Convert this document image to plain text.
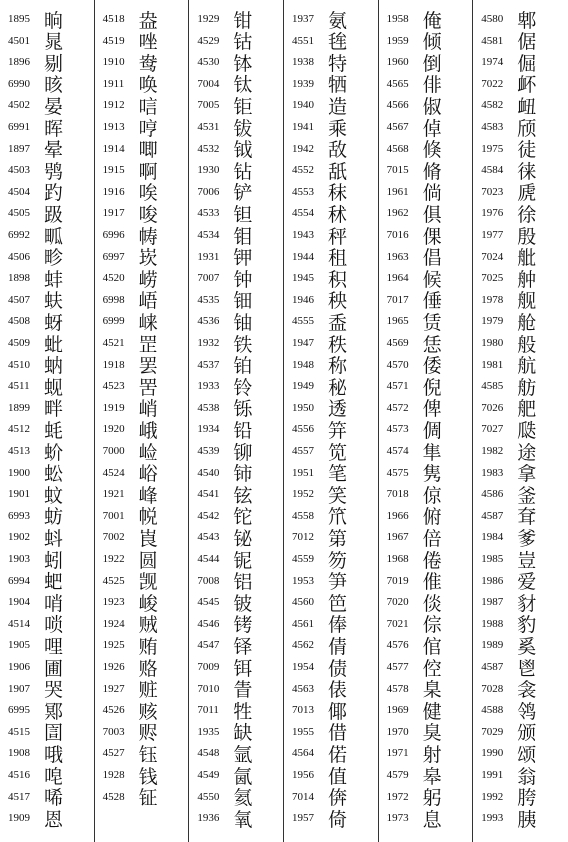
1895 晌
4501 晁
1896 剔
6990 晐
4502 晏
6991 晖
1897 晕
4503 鸮
4504 趵
4505 趿
6992 畖
4506 畛
1898 蚌
4507 蚨
4508 蚜
4509 蚍
4510 蚋
4511 蚬
1899 畔
4512 蚝
4513 蚧
1900 蚣
1901 蚊
6993 蚄
1902 蚪
1903 蚓
6994 蚆
1904 哨
4514 唢
1905 哩
1906 圃
1907 哭
6995 鄍
4515 圁
1908 哦
4516 唣
4517 唏
1909 恩
4518 盎
4519 唑
1910 鸯
1911 唤
1912 唁
1913 哼
1914 唧
1915 啊
1916 唉
1917 唆
6996 帱
6997 崁
4520 崂
6998 峿
6999 崃
4521 罡
1918 罢
4523 罟
1919 峭
1920 峨
7000 崄
4524 峪
1921 峰
7001 帨
7002 崀
1922 圆
4525 觊
1923 峻
1924 贼
1925 贿
1926 赂
1927 赃
4526 赅
7003 赆
4527 钰
1928 钱
4528 钲
1929 钳
4529 钴
4530 钵
7004 钛
7005 钜
4531 钹
4532 钺
1930 钻
7006 铲
4533 钽
4534 钼
1931 钾
7007 钟
4535 钿
4536 铀
1932 铁
4537 铂
1933 铃
4538 铄
1934 铅
4539 铆
4540 铈
4541 铉
4542 铊
4543 铋
4544 铌
7008 铝
4545 铍
4546 铐
4547 铎
7009 铒
7010 眚
7011 牲
1935 缺
4548 氩
4549 氤
4550 氦
1936 氧
1937 氨
4551 毪
1938 特
1939 牺
1940 造
1941 乘
1942 敌
4552 舐
4553 秣
4554 秫
1943 秤
1944 租
1945 积
1946 秧
4555 盉
1947 秩
1948 称
1949 秘
1950 透
4556 笄
4557 笕
1951 笔
1952 笑
4558 笊
7012 第
4559 笏
1953 笋
4560 笆
4561 俸
4562 倩
1954 债
4563 俵
7013 倻
1955 借
4564 偌
1956 值
7014 倴
1957 倚
1958 俺
1959 倾
1960 倒
4565 俳
4566 俶
4567 倬
4568 倏
7015 脩
1961 倘
1962 俱
7016 倮
1963 倡
1964 候
7017 倕
1965 赁
4569 恁
4570 倭
4571 倪
4572 俾
4573 倜
4574 隼
4575 隽
7018 倞
1966 俯
1967 倍
1968 倦
7019 倠
7020 倓
7021 倧
4576 倌
4577 倥
4578 臬
1969 健
1970 臭
1971 射
4579 皋
1972 躬
1973 息
4580 郫
4581 倨
1974 倔
7022 衃
4582 衄
4583 颀
1975 徒
4584 徕
7023 虒
1976 徐
1977 殷
7024 舭
7025 舯
1978 舰
1979 舱
1980 般
1981 航
4585 舫
7026 舥
7027 瓞
1982 途
1983 拿
4586 釜
4587 耷
1984 爹
1985 豈
1986 爱
1987 豺
1988 豹
1989 奚
4587 鬯
7028 衾
4588 鸰
7029 颁
1990 颂
1991 翁
1992 胯
1993 胰
